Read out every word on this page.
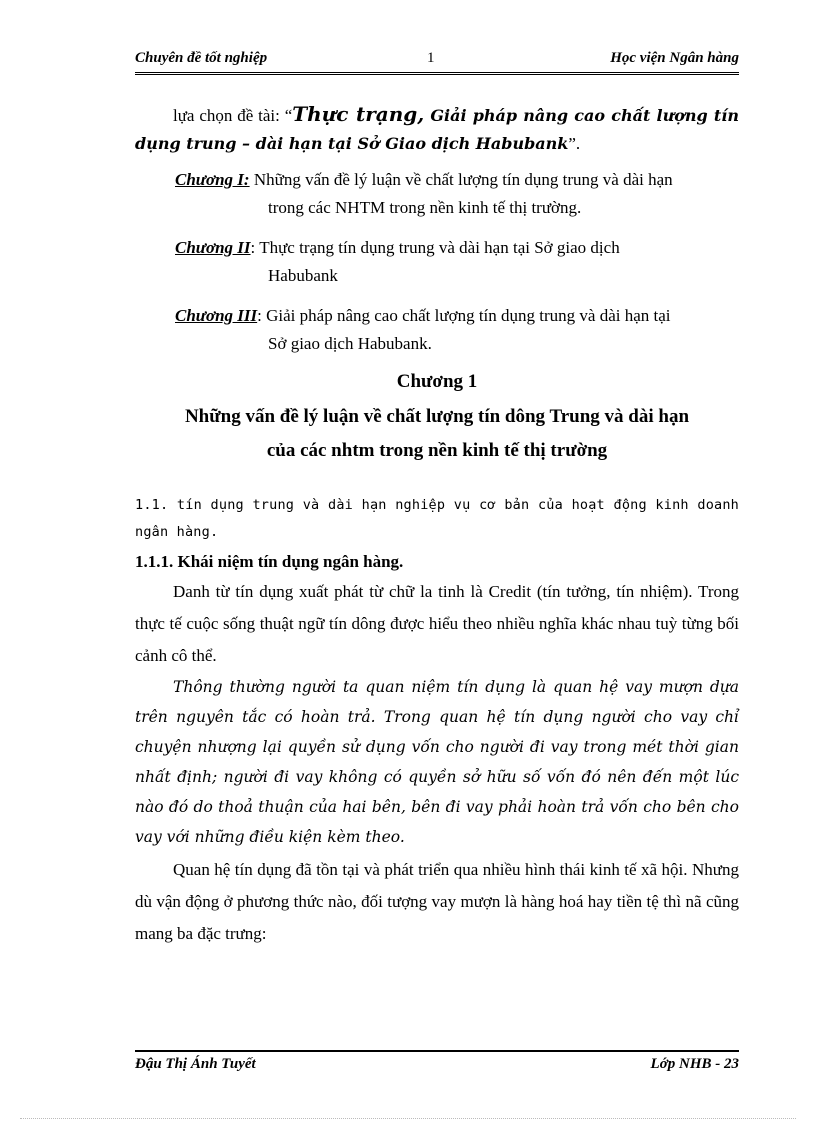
Chuyên đề tốt nghiệp	1	Học viện Ngân hàng

lựa chọn đề tài: “Thực trạng, Giải pháp nâng cao chất lượng tín dụng trung – dài hạn tại Sở Giao dịch Habubank”.

Chương I: Những vấn đề lý luận về chất lượng tín dụng trung và dài hạn

trong các NHTM trong nền kinh tế thị trường.

Chương II: Thực trạng tín dụng trung và dài hạn tại Sở giao dịch

Habubank

Chương III: Giải pháp nâng cao chất lượng tín dụng trung và dài hạn tại

Sở giao dịch Habubank.

Chương 1
Những vấn đề lý luận về chất lượng tín dông Trung và dài hạn
của các nhtm trong nền kinh tế thị trường

1.1. tín dụng trung và dài hạn nghiệp vụ cơ bản của hoạt động kinh doanh ngân hàng.

1.1.1. Khái niệm tín dụng ngân hàng.

Danh từ tín dụng xuất phát từ chữ la tinh là Credit (tín tưởng, tín nhiệm). Trong thực tế cuộc sống thuật ngữ tín dông được hiểu theo nhiều nghĩa khác nhau tuỳ từng bối cảnh cô thể.

Thông thường người ta quan niệm tín dụng là quan hệ vay mượn dựa trên nguyên tắc có hoàn trả. Trong quan hệ tín dụng người cho vay chỉ chuyện nhượng lại quyền sử dụng vốn cho người đi vay trong mét thời gian nhất định; người đi vay không có quyền sở hữu số vốn đó nên đến một lúc nào đó do thoả thuận của hai bên, bên đi vay phải hoàn trả vốn cho bên cho vay với những điều kiện kèm theo.

Quan hệ tín dụng đã tồn tại và phát triển qua nhiều hình thái kinh tế xã hội. Nhưng dù vận động ở phương thức nào, đối tượng vay mượn là hàng hoá hay tiền tệ thì nã cũng mang ba đặc trưng:

Đậu Thị Ánh Tuyết	Lớp NHB - 23
